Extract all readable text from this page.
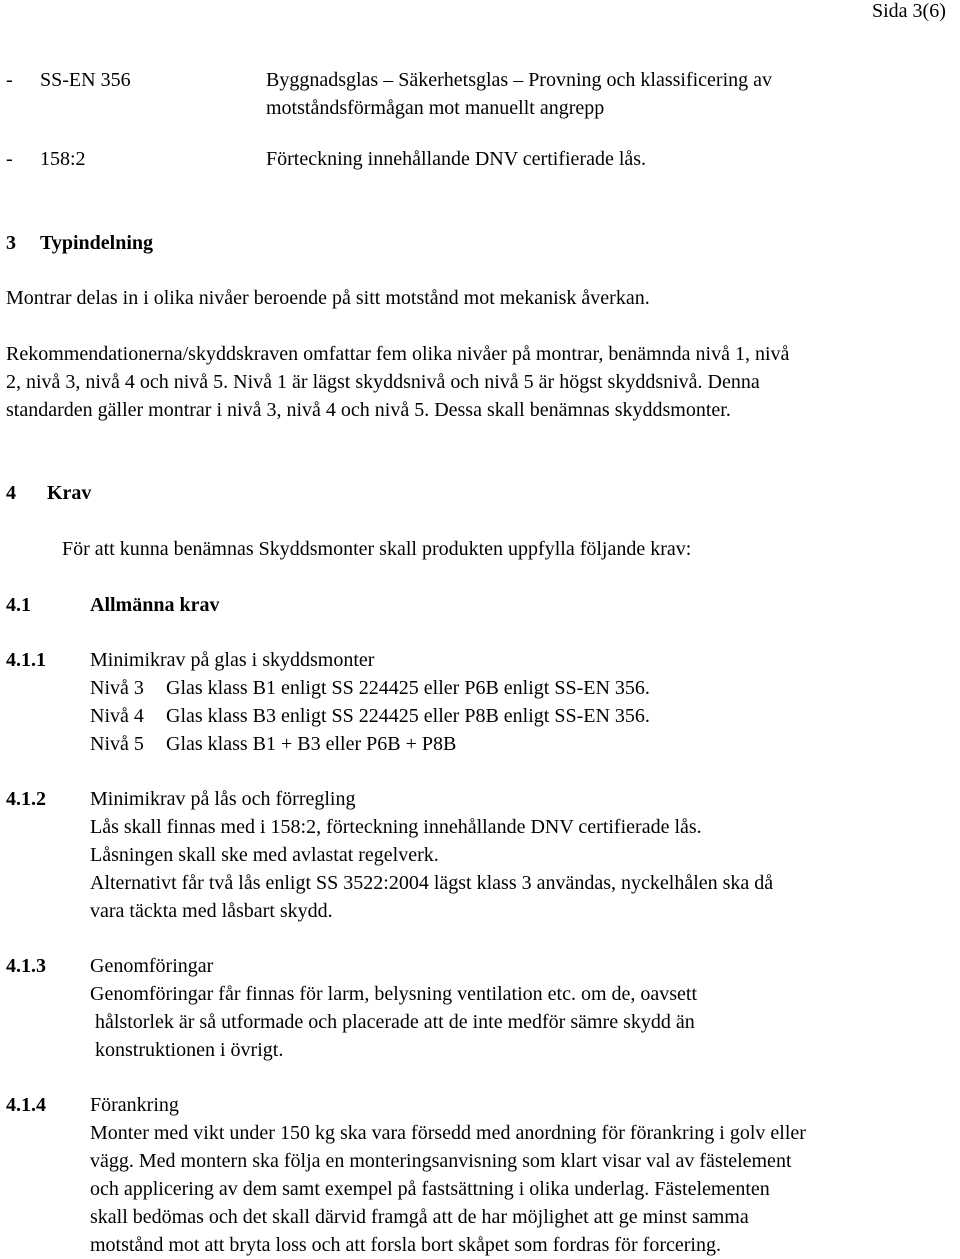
Sida 3(6)
- SS-EN 356	Byggnadsglas – Säkerhetsglas – Provning och klassificering av
motståndsförmågan mot manuellt angrepp
- 158:2	Förteckning innehållande DNV certifierade lås.
3 Typindelning
Montrar delas in i olika nivåer beroende på sitt motstånd mot mekanisk åverkan.
Rekommendationerna/skyddskraven omfattar fem olika nivåer på montrar, benämnda nivå 1, nivå
2, nivå 3, nivå 4 och nivå 5. Nivå 1 är lägst skyddsnivå och nivå 5 är högst skyddsnivå. Denna
standarden gäller montrar i nivå 3, nivå 4 och nivå 5. Dessa skall benämnas skyddsmonter.
4 Krav
För att kunna benämnas Skyddsmonter skall produkten uppfylla följande krav:
4.1	Allmänna krav
4.1.1 Minimikrav på glas i skyddsmonter
Nivå 3 Glas klass B1 enligt SS 224425 eller P6B enligt SS-EN 356.
Nivå 4 Glas klass B3 enligt SS 224425 eller P8B enligt SS-EN 356.
Nivå 5 Glas klass B1 + B3 eller P6B + P8B
4.1.2 Minimikrav på lås och förregling
Lås skall finnas med i 158:2, förteckning innehållande DNV certifierade lås.
Låsningen skall ske med avlastat regelverk.
Alternativt får två lås enligt SS 3522:2004 lägst klass 3 användas, nyckelhålen ska då
vara täckta med låsbart skydd.
4.1.3 Genomföringar
Genomföringar får finnas för larm, belysning ventilation etc. om de, oavsett
hålstorlek är så utformade och placerade att de inte medför sämre skydd än
konstruktionen i övrigt.
4.1.4 Förankring
Monter med vikt under 150 kg ska vara försedd med anordning för förankring i golv eller
vägg. Med montern ska följa en monteringsanvisning som klart visar val av fästelement
och applicering av dem samt exempel på fastsättning i olika underlag. Fästelementen
skall bedömas och det skall därvid framgå att de har möjlighet att ge minst samma
motstånd mot att bryta loss och att forsla bort skåpet som fordras för forcering.
